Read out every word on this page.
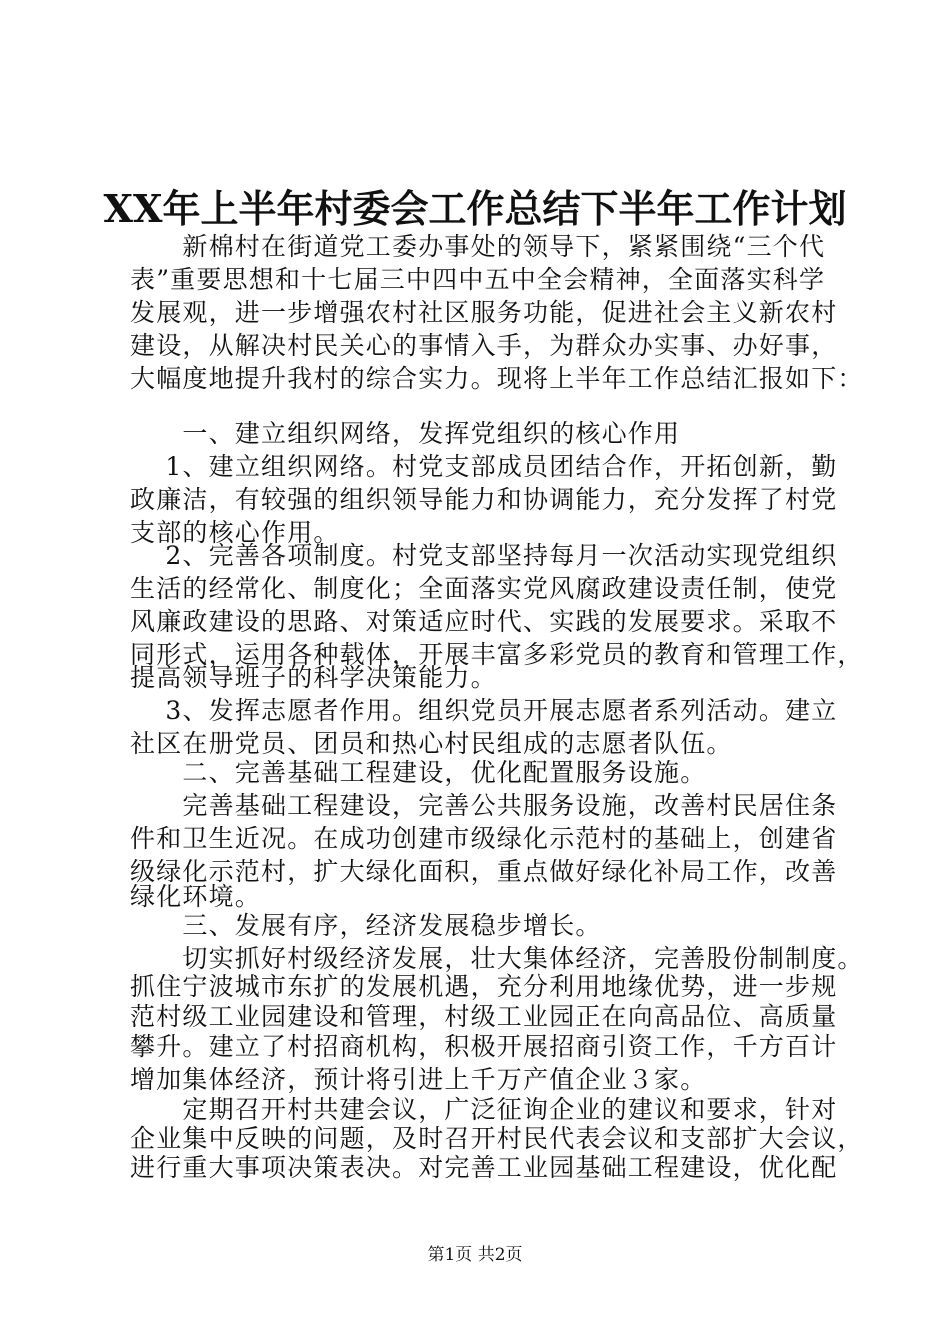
XX年上半年村委会工作总结下半年工作计划
　　新棉村在街道党工委办事处的领导下，紧紧围绕“三个代
表”重要思想和十七届三中四中五中全会精神，全面落实科学
发展观，进一步增强农村社区服务功能，促进社会主义新农村
建设，从解决村民关心的事情入手，为群众办实事、办好事，
大幅度地提升我村的综合实力。现将上半年工作总结汇报如下：
　　一、建立组织网络，发挥党组织的核心作用
　 1、建立组织网络。村党支部成员团结合作，开拓创新，勤
政廉洁，有较强的组织领导能力和协调能力，充分发挥了村党
支部的核心作用。
　 2、完善各项制度。村党支部坚持每月一次活动实现党组织
生活的经常化、制度化；全面落实党风腐政建设责任制，使党
风廉政建设的思路、对策适应时代、实践的发展要求。采取不
同形式，运用各种载体，开展丰富多彩党员的教育和管理工作，
提高领导班子的科学决策能力。
　 3、发挥志愿者作用。组织党员开展志愿者系列活动。建立
社区在册党员、团员和热心村民组成的志愿者队伍。
　　二、完善基础工程建设，优化配置服务设施。
　　完善基础工程建设，完善公共服务设施，改善村民居住条
件和卫生近况。在成功创建市级绿化示范村的基础上，创建省
级绿化示范村，扩大绿化面积，重点做好绿化补局工作，改善
绿化环境。
　　三、发展有序，经济发展稳步增长。
　　切实抓好村级经济发展，壮大集体经济，完善股份制制度。
抓住宁波城市东扩的发展机遇，充分利用地缘优势，进一步规
范村级工业园建设和管理，村级工业园正在向高品位、高质量
攀升。建立了村招商机构，积极开展招商引资工作，千方百计
增加集体经济，预计将引进上千万产值企业３家。
　　定期召开村共建会议，广泛征询企业的建议和要求，针对
企业集中反映的问题，及时召开村民代表会议和支部扩大会议，
进行重大事项决策表决。对完善工业园基础工程建设，优化配
第1页 共2页
